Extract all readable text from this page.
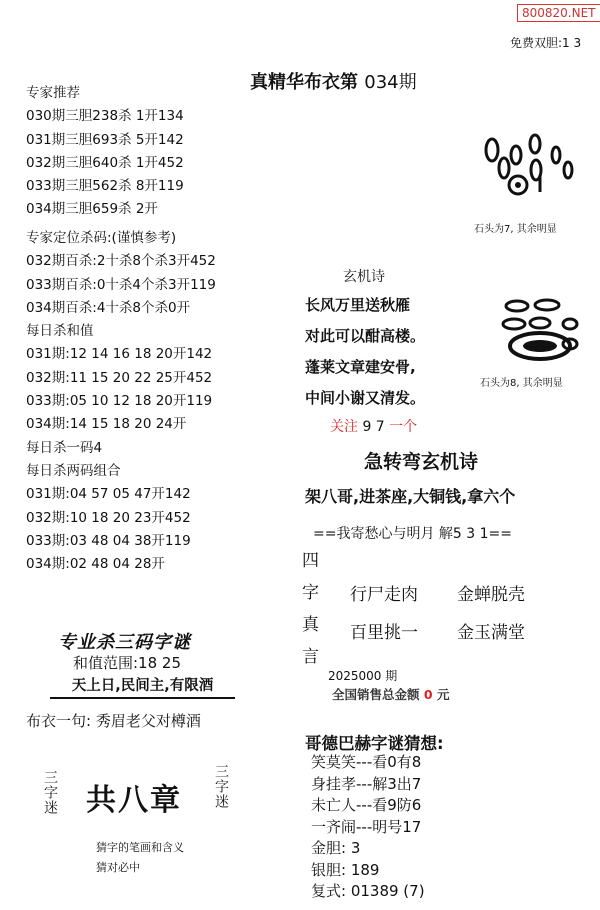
800820.NET
免费双胆:1 3
真精华布衣第 034期
专家推荐
030期三胆238杀 1开134
031期三胆693杀 5开142
032期三胆640杀 1开452
033期三胆562杀 8开119
034期三胆659杀 2开
专家定位杀码:(谨慎参考)
032期百杀:2十杀8个杀3开452
033期百杀:0十杀4个杀3开119
034期百杀:4十杀8个杀0开
每日杀和值
031期:12 14 16 18 20开142
032期:11 15 20 22 25开452
033期:05 10 12 18 20开119
034期:14 15 18 20 24开
每日杀一码4
每日杀两码组合
031期:04 57 05 47开142
032期:10 18 20 23开452
033期:03 48 04 38开119
034期:02 48 04 28开
专业杀三码字谜
和值范围:18 25
天上日,民间主,有限酒
布衣一句: 秀眉老父对樽酒
三字迷 共八章 三字迷
猜字的笔画和含义
猜对必中
石头为7, 其余明显
石头为8, 其余明显
玄机诗
长风万里送秋雁
对此可以酣高楼。
蓬莱文章建安骨,
中间小谢又清发。
关注 9 7 一个
急转弯玄机诗
架八哥,进茶座,大铜钱,拿六个
==我寄愁心与明月 解5 3 1==
四字真言
行尸走肉 金蝉脱壳
百里挑一 金玉满堂
2025000 期
全国销售总金额 0 元
哥德巴赫字谜猜想:
笑莫笑---看0有8
身挂孝---解3出7
未亡人---看9防6
一齐闹---明号17
金胆: 3
银胆: 189
复式: 01389 (7)
